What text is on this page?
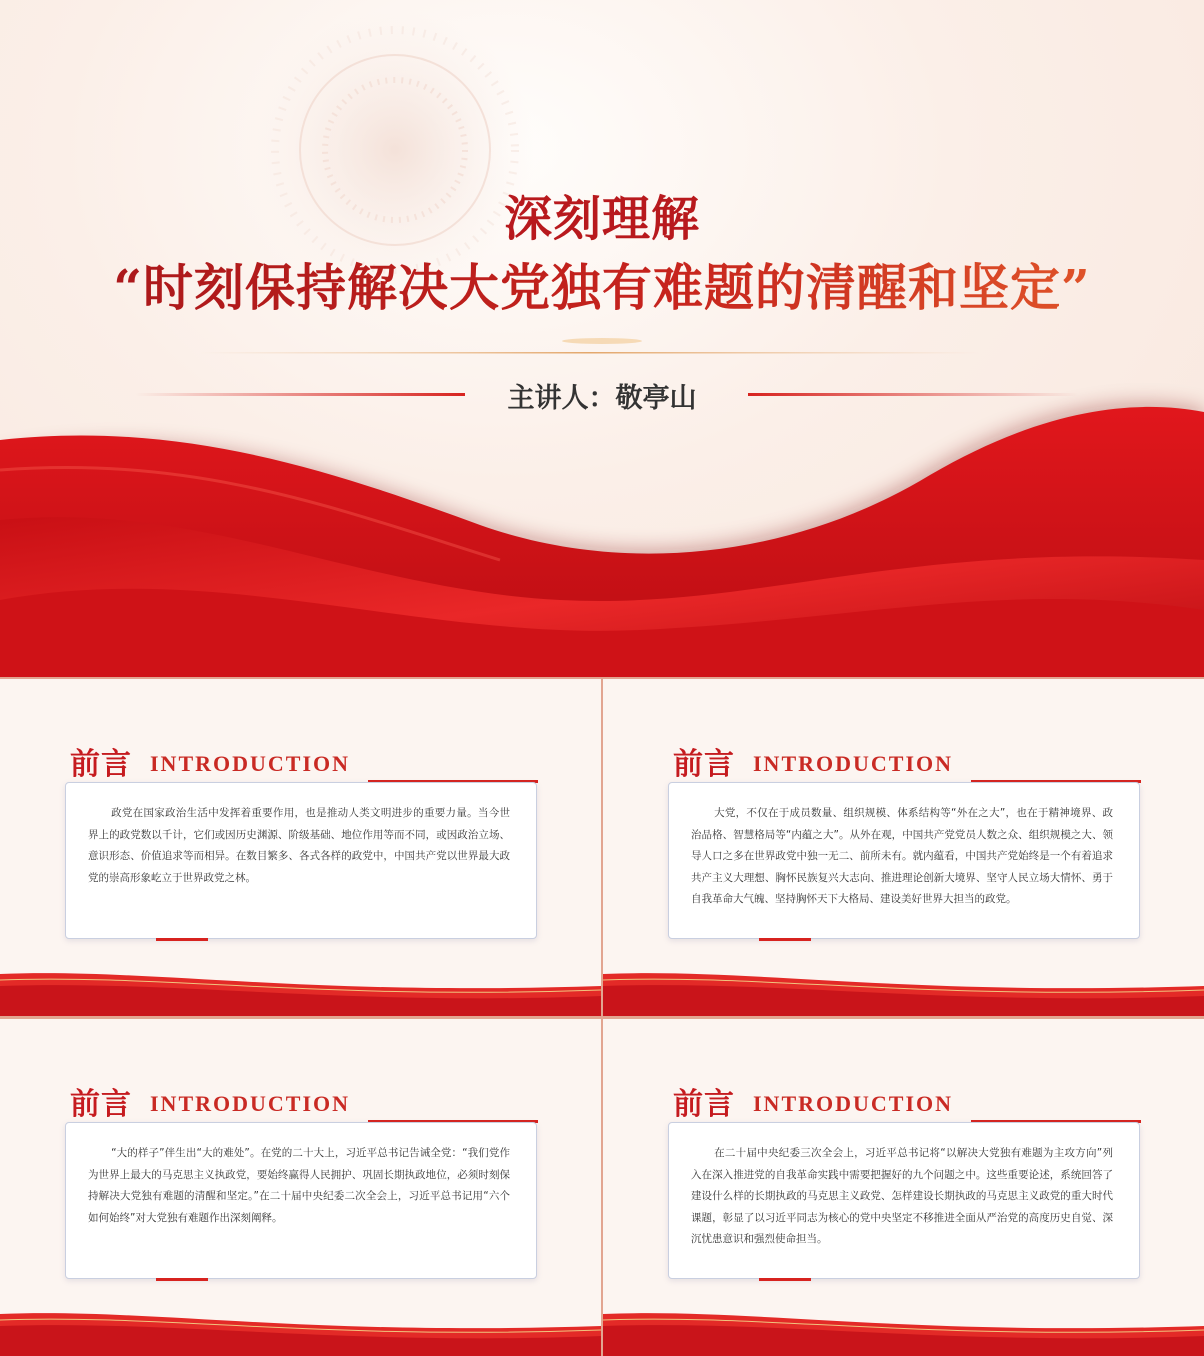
深刻理解
“时刻保持解决大党独有难题的清醒和坚定”
主讲人：敬亭山
前言 INTRODUCTION

政党在国家政治生活中发挥着重要作用，也是推动人类文明进步的重要力量。当今世界上的政党数以千计，它们或因历史渊源、阶级基础、地位作用等而不同，或因政治立场、意识形态、价值追求等而相异。在数目繁多、各式各样的政党中，中国共产党以世界最大政党的崇高形象屹立于世界政党之林。

前言 INTRODUCTION

大党，不仅在于成员数量、组织规模、体系结构等“外在之大”，也在于精神境界、政治品格、智慧格局等“内蕴之大”。从外在观，中国共产党党员人数之众、组织规模之大、领导人口之多在世界政党中独一无二、前所未有。就内蕴看，中国共产党始终是一个有着追求共产主义大理想、胸怀民族复兴大志向、推进理论创新大境界、坚守人民立场大情怀、勇于自我革命大气魄、坚持胸怀天下大格局、建设美好世界大担当的政党。

前言 INTRODUCTION

“大的样子”伴生出“大的难处”。在党的二十大上，习近平总书记告诫全党：“我们党作为世界上最大的马克思主义执政党，要始终赢得人民拥护、巩固长期执政地位，必须时刻保持解决大党独有难题的清醒和坚定。”在二十届中央纪委二次全会上，习近平总书记用“六个如何始终”对大党独有难题作出深刻阐释。

前言 INTRODUCTION

在二十届中央纪委三次全会上，习近平总书记将“以解决大党独有难题为主攻方向”列入在深入推进党的自我革命实践中需要把握好的九个问题之中。这些重要论述，系统回答了建设什么样的长期执政的马克思主义政党、怎样建设长期执政的马克思主义政党的重大时代课题，彰显了以习近平同志为核心的党中央坚定不移推进全面从严治党的高度历史自觉、深沉忧患意识和强烈使命担当。
